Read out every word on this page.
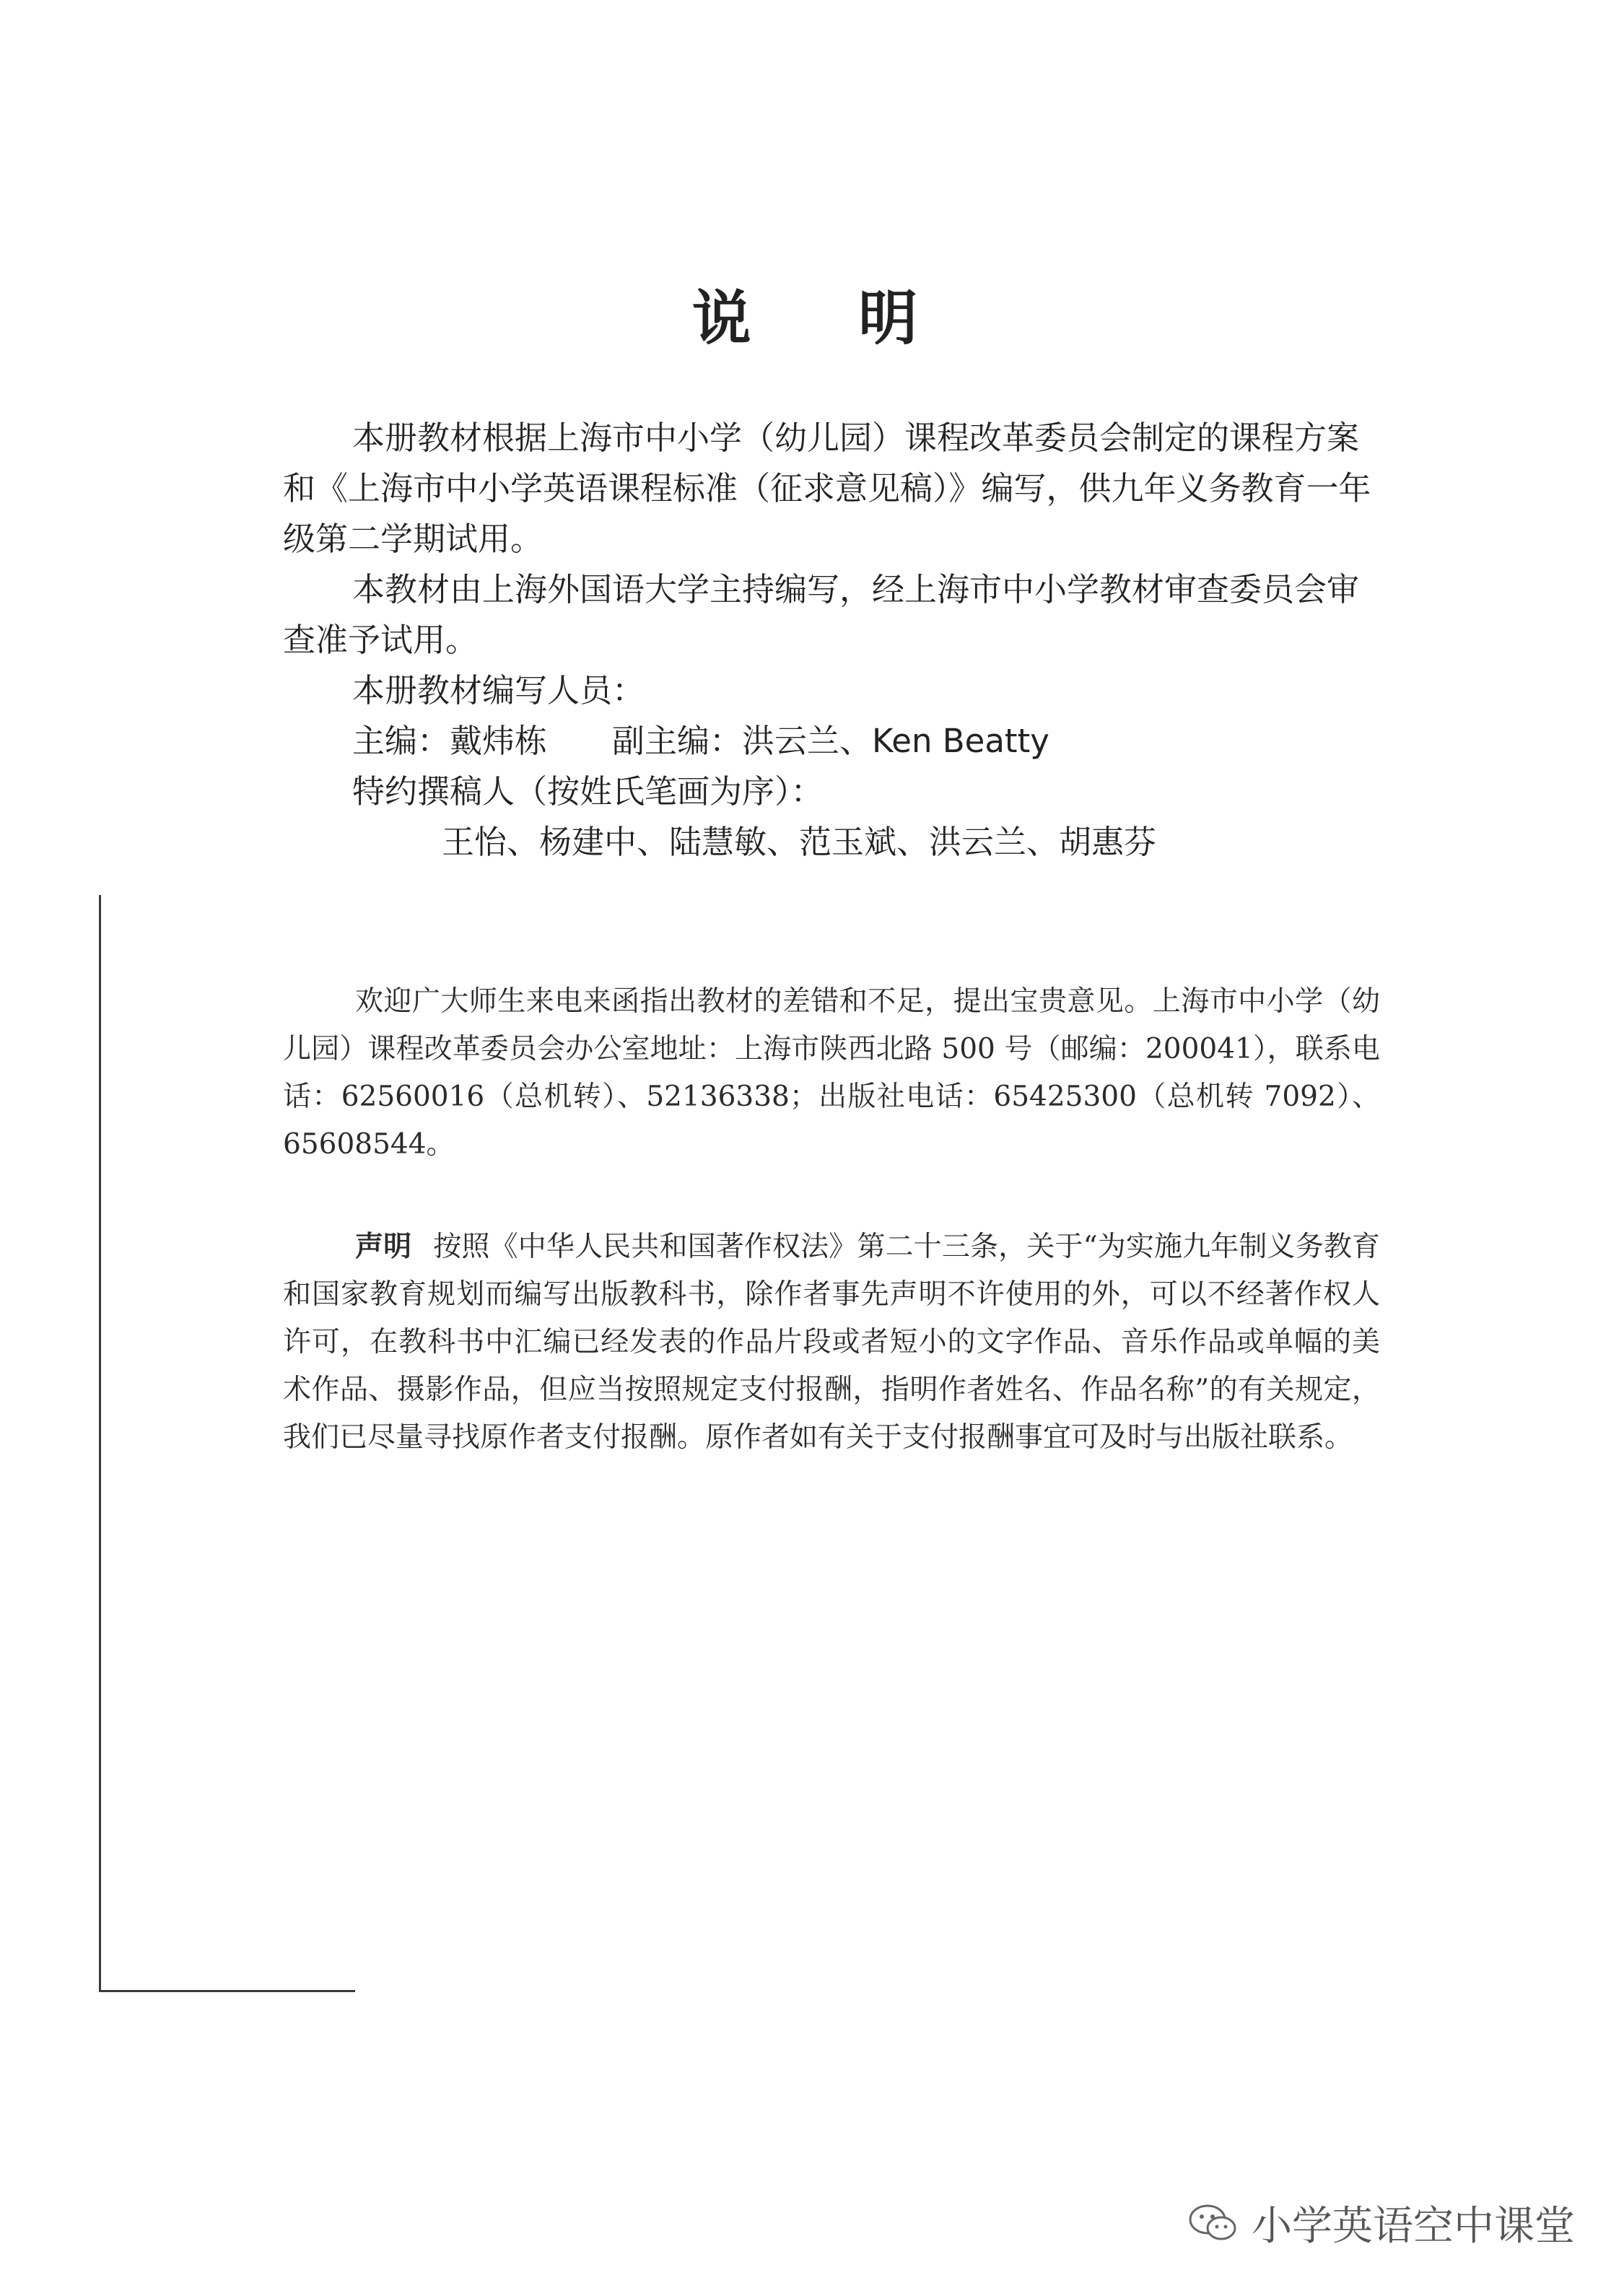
说 明

本册教材根据上海市中小学（幼儿园）课程改革委员会制定的课程方案和《上海市中小学英语课程标准（征求意见稿）》编写，供九年义务教育一年级第二学期试用。

本教材由上海外国语大学主持编写，经上海市中小学教材审查委员会审查准予试用。

本册教材编写人员：

主编：戴炜栋 副主编：洪云兰、Ken Beatty

特约撰稿人（按姓氏笔画为序）：

王怡、杨建中、陆慧敏、范玉斌、洪云兰、胡惠芬

欢迎广大师生来电来函指出教材的差错和不足，提出宝贵意见。上海市中小学（幼儿园）课程改革委员会办公室地址：上海市陕西北路 500 号（邮编：200041），联系电话：62560016（总机转）、52136338；出版社电话：65425300（总机转 7092）、65608544。

声明 按照《中华人民共和国著作权法》第二十三条，关于“为实施九年制义务教育和国家教育规划而编写出版教科书，除作者事先声明不许使用的外，可以不经著作权人许可，在教科书中汇编已经发表的作品片段或者短小的文字作品、音乐作品或单幅的美术作品、摄影作品，但应当按照规定支付报酬，指明作者姓名、作品名称”的有关规定，我们已尽量寻找原作者支付报酬。原作者如有关于支付报酬事宜可及时与出版社联系。

小学英语空中课堂
